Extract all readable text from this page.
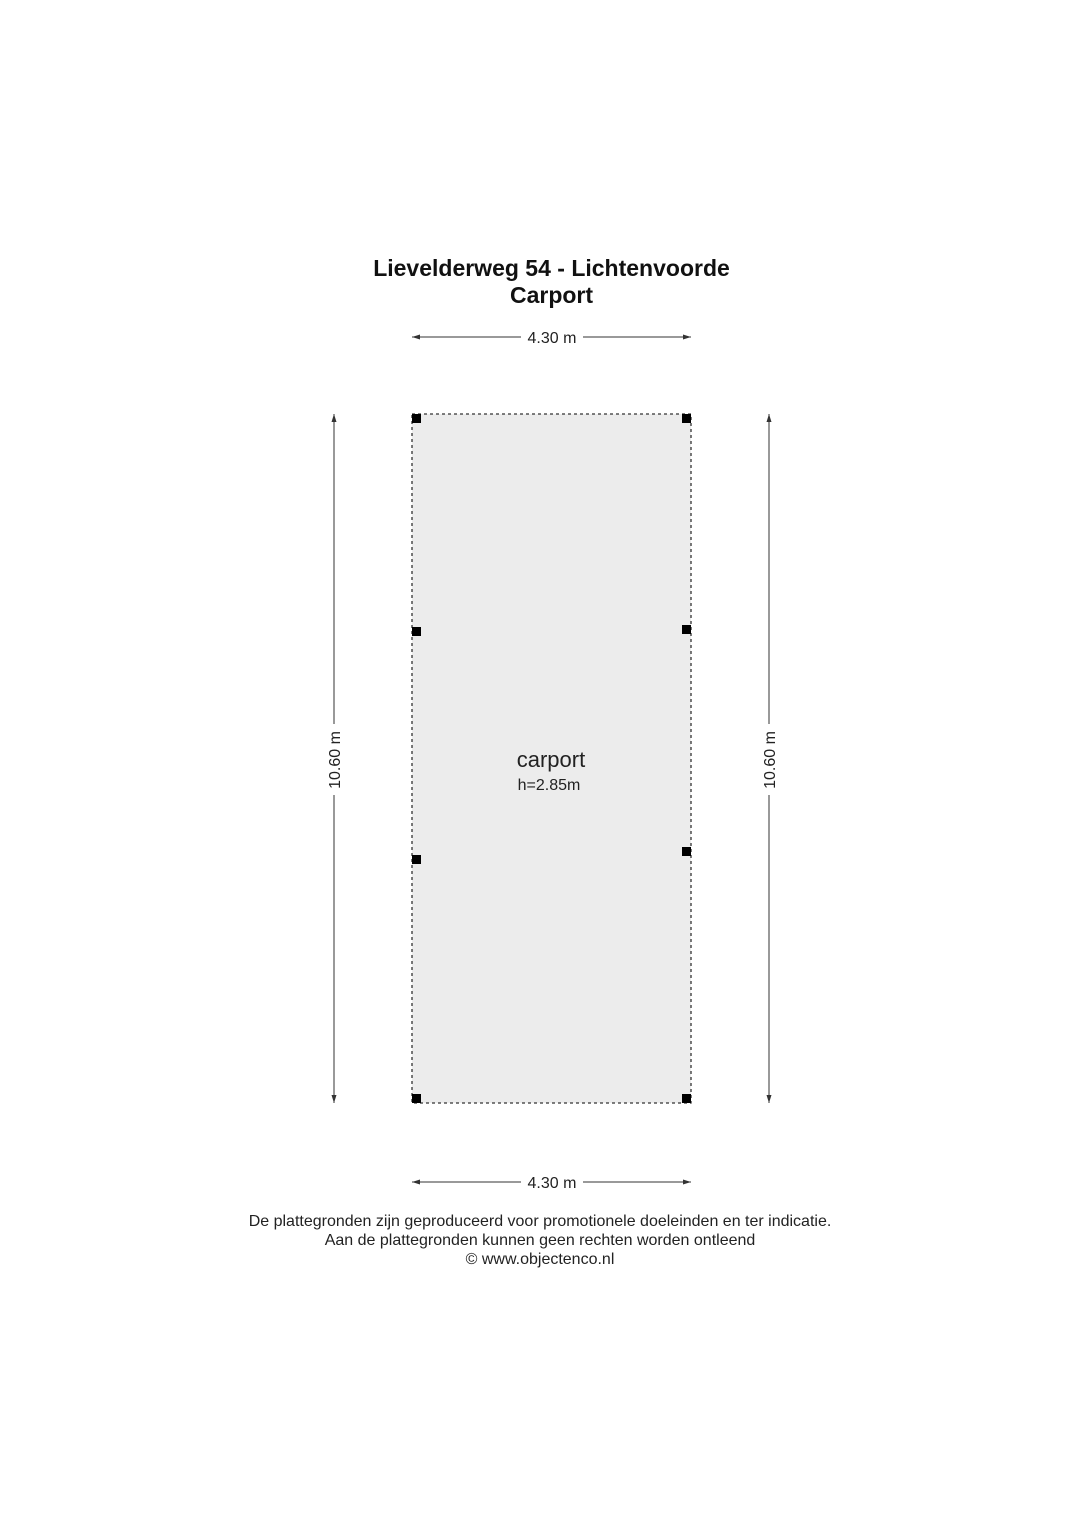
Lievelderweg 54 - Lichtenvoorde
Carport
carport
h=2.85m
4.30 m
4.30 m
10.60 m	10.60 m
De plattegronden zijn geproduceerd voor promotionele doeleinden en ter indicatie.
Aan de plattegronden kunnen geen rechten worden ontleend
© www.objectenco.nl
